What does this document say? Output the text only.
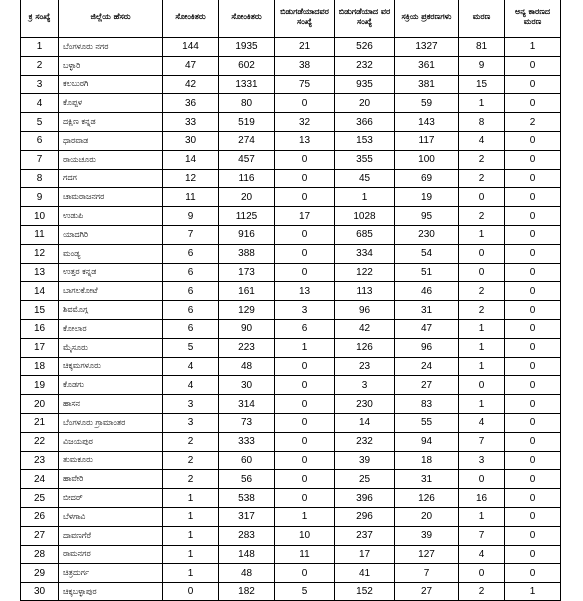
ಕ್ರ ಸಂಖ್ಯೆ	ಜಿಲ್ಲೆಯ ಹೆಸರು	ಸೋಂಕಿತರು	ಸೋಂಕಿತರು	ಬಿಡುಗಡೆಯಾದವರ ಸಂಖ್ಯೆ	ಬಿಡುಗಡೆಯಾದ ವರ ಸಂಖ್ಯೆ	ಸಕ್ರಿಯ ಪ್ರಕರಣಗಳು	ಮರಣ	ಅನ್ಯ ಕಾರಣದ ಮರಣ
1	ಬೆಂಗಳೂರು ನಗರ	144	1935	21	526	1327	81	1
2	ಬಳ್ಳಾರಿ	47	602	38	232	361	9	0
3	ಕಲಬುರಗಿ	42	1331	75	935	381	15	0
4	ಕೊಪ್ಪಳ	36	80	0	20	59	1	0
5	ದಕ್ಷಿಣ ಕನ್ನಡ	33	519	32	366	143	8	2
6	ಧಾರವಾಡ	30	274	13	153	117	4	0
7	ರಾಯಚೂರು	14	457	0	355	100	2	0
8	ಗದಗ	12	116	0	45	69	2	0
9	ಚಾಮರಾಜನಗರ	11	20	0	1	19	0	0
10	ಉಡುಪಿ	9	1125	17	1028	95	2	0
11	ಯಾದಗಿರಿ	7	916	0	685	230	1	0
12	ಮಂಡ್ಯ	6	388	0	334	54	0	0
13	ಉತ್ತರ ಕನ್ನಡ	6	173	0	122	51	0	0
14	ಬಾಗಲಕೋಟೆ	6	161	13	113	46	2	0
15	ಶಿವಮೊಗ್ಗ	6	129	3	96	31	2	0
16	ಕೋಲಾರ	6	90	6	42	47	1	0
17	ಮೈಸೂರು	5	223	1	126	96	1	0
18	ಚಿಕ್ಕಮಗಳೂರು	4	48	0	23	24	1	0
19	ಕೊಡಗು	4	30	0	3	27	0	0
20	ಹಾಸನ	3	314	0	230	83	1	0
21	ಬೆಂಗಳೂರು ಗ್ರಾಮಾಂತರ	3	73	0	14	55	4	0
22	ವಿಜಯಪುರ	2	333	0	232	94	7	0
23	ತುಮಕೂರು	2	60	0	39	18	3	0
24	ಹಾವೇರಿ	2	56	0	25	31	0	0
25	ಬೀದರ್	1	538	0	396	126	16	0
26	ಬೆಳಗಾವಿ	1	317	1	296	20	1	0
27	ದಾವಣಗೆರೆ	1	283	10	237	39	7	0
28	ರಾಮನಗರ	1	148	11	17	127	4	0
29	ಚಿತ್ರದುರ್ಗ	1	48	0	41	7	0	0
30	ಚಿಕ್ಕಬಳ್ಳಾಪುರ	0	182	5	152	27	2	1
